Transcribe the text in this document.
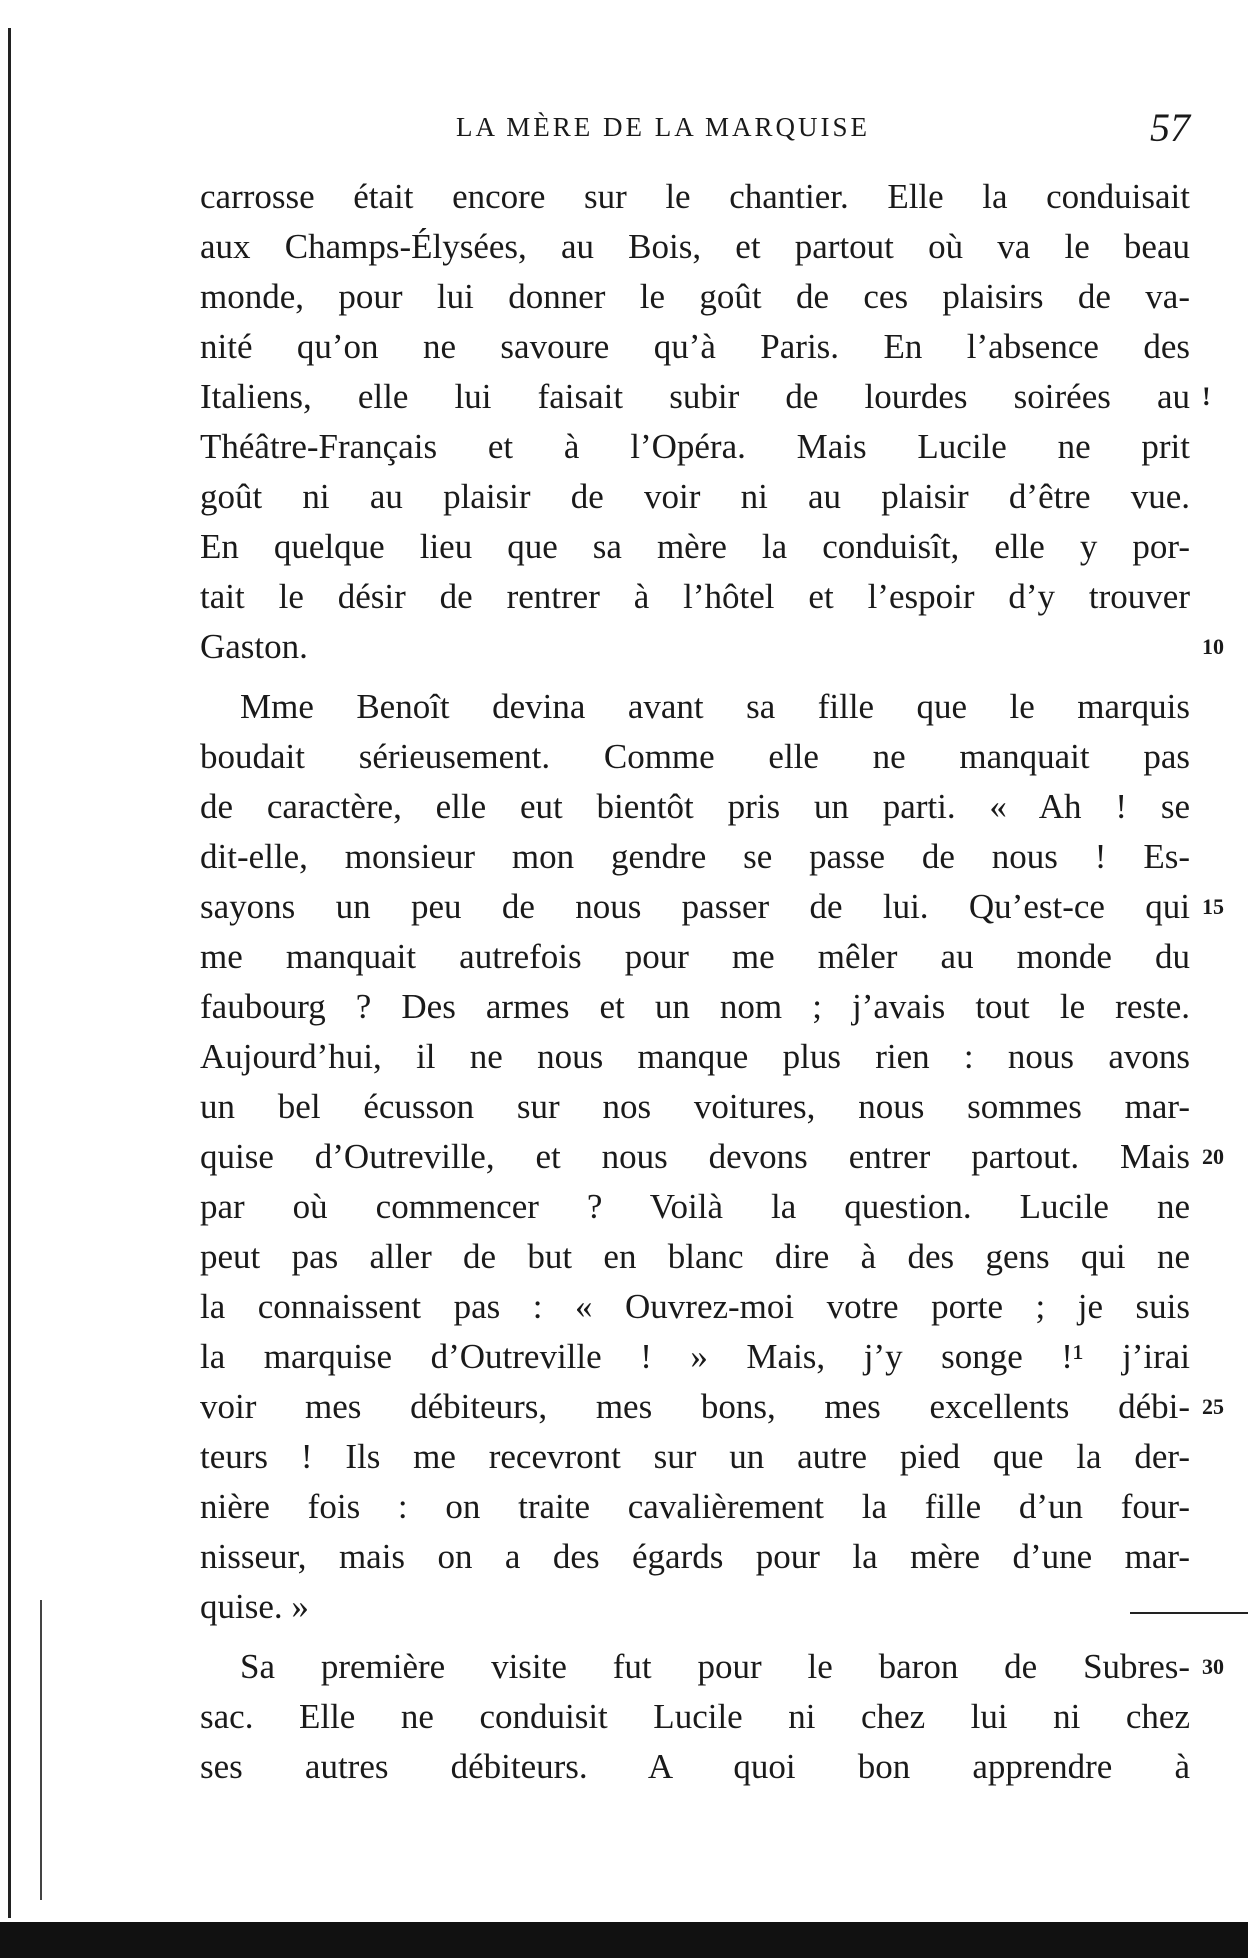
LA MÈRE DE LA MARQUISE	57
carrosse était encore sur le chantier. Elle la conduisait
aux Champs-Élysées, au Bois, et partout où va le beau
monde, pour lui donner le goût de ces plaisirs de va-
nité qu’on ne savoure qu’à Paris. En l’absence des
Italiens, elle lui faisait subir de lourdes soirées au !
Théâtre-Français et à l’Opéra. Mais Lucile ne prit
goût ni au plaisir de voir ni au plaisir d’être vue.
En quelque lieu que sa mère la conduisît, elle y por-
tait le désir de rentrer à l’hôtel et l’espoir d’y trouver
Gaston.	10
Mme Benoît devina avant sa fille que le marquis
boudait sérieusement. Comme elle ne manquait pas
de caractère, elle eut bientôt pris un parti. « Ah ! se
dit-elle, monsieur mon gendre se passe de nous ! Es-
sayons un peu de nous passer de lui. Qu’est-ce qui 15
me manquait autrefois pour me mêler au monde du
faubourg ? Des armes et un nom ; j’avais tout le reste.
Aujourd’hui, il ne nous manque plus rien : nous avons
un bel écusson sur nos voitures, nous sommes mar-
quise d’Outreville, et nous devons entrer partout. Mais 20
par où commencer ? Voilà la question. Lucile ne
peut pas aller de but en blanc dire à des gens qui ne
la connaissent pas : « Ouvrez-moi votre porte ; je suis
la marquise d’Outreville ! » Mais, j’y songe !¹ j’irai
voir mes débiteurs, mes bons, mes excellents débi- 25
teurs ! Ils me recevront sur un autre pied que la der-
nière fois : on traite cavalièrement la fille d’un four-
nisseur, mais on a des égards pour la mère d’une mar-
quise. »
Sa première visite fut pour le baron de Subres- 30
sac. Elle ne conduisit Lucile ni chez lui ni chez
ses autres débiteurs. A quoi bon apprendre à
